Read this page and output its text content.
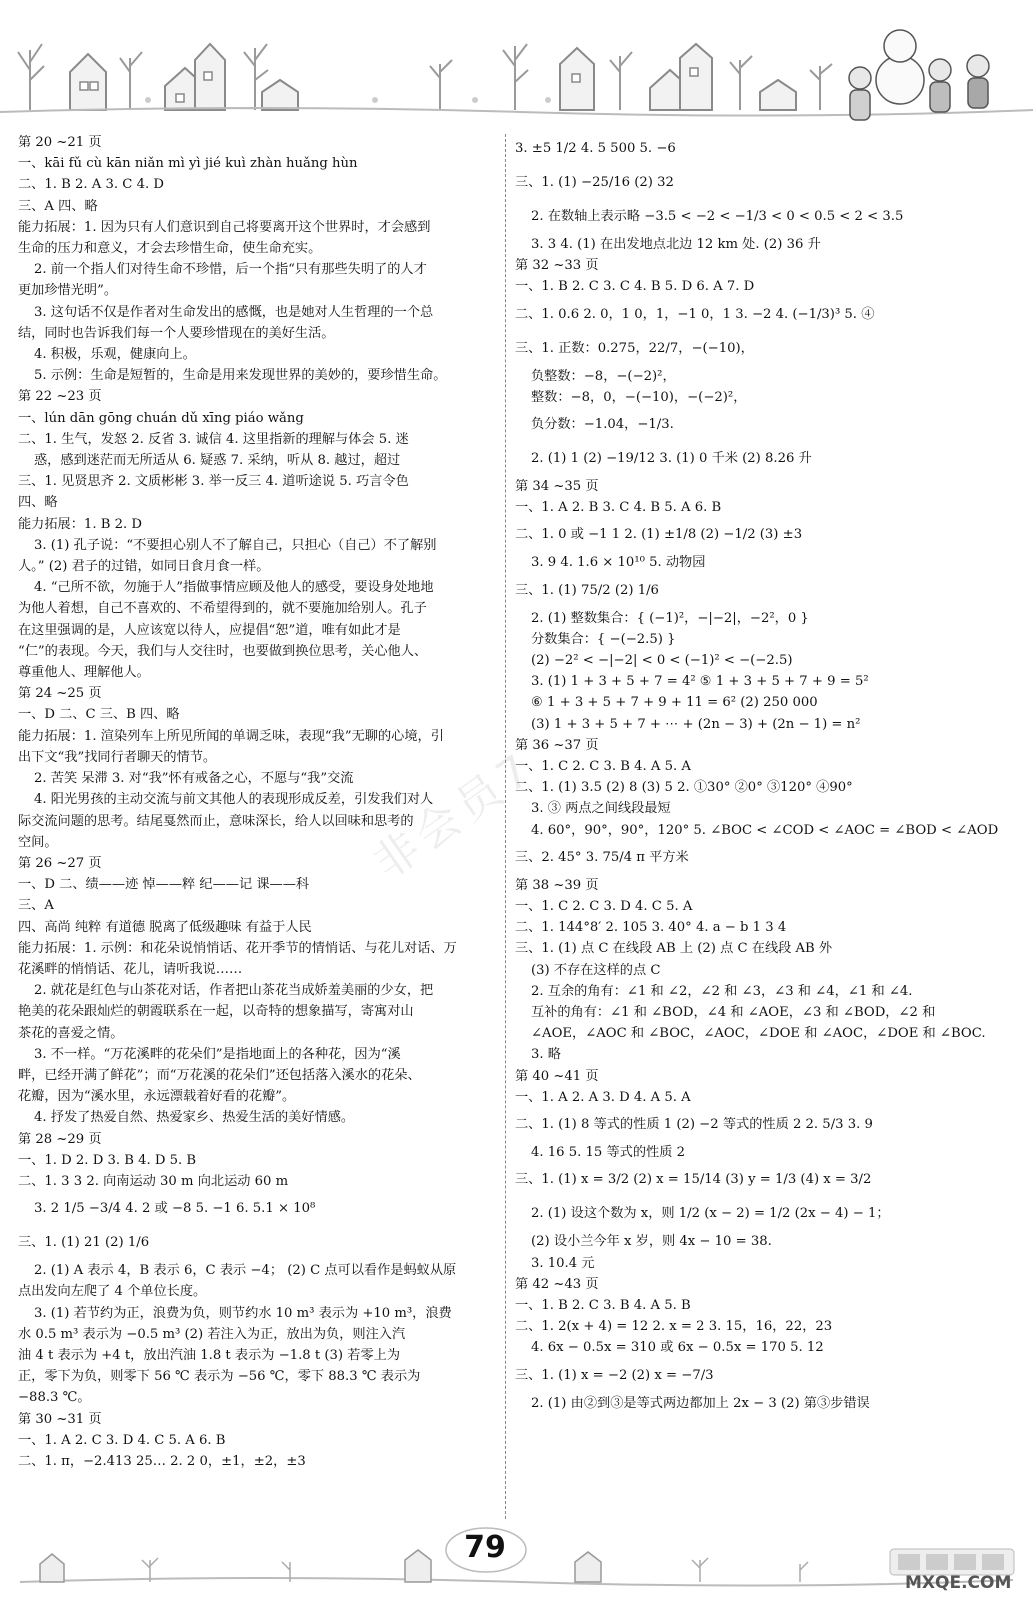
第 20 ~21 页
一、kāi fǔ cù kān niǎn mì yì jié kuì zhàn huǎng hùn
二、1. B 2. A 3. C 4. D
三、A 四、略
能力拓展：1. 因为只有人们意识到自己将要离开这个世界时，才会感到
生命的压力和意义，才会去珍惜生命，使生命充实。
2. 前一个指人们对待生命不珍惜，后一个指“只有那些失明了的人才
更加珍惜光明”。
3. 这句话不仅是作者对生命发出的感慨，也是她对人生哲理的一个总
结，同时也告诉我们每一个人要珍惜现在的美好生活。
4. 积极，乐观，健康向上。
5. 示例：生命是短暂的，生命是用来发现世界的美妙的，要珍惜生命。
第 22 ~23 页
一、lún dān gōng chuán dǔ xīng piáo wǎng
二、1. 生气，发怒 2. 反省 3. 诚信 4. 这里指新的理解与体会 5. 迷
惑，感到迷茫而无所适从 6. 疑惑 7. 采纳，听从 8. 越过，超过
三、1. 见贤思齐 2. 文质彬彬 3. 举一反三 4. 道听途说 5. 巧言令色
四、略
能力拓展：1. B 2. D
3. (1) 孔子说：“不要担心别人不了解自己，只担心（自己）不了解别
人。” (2) 君子的过错，如同日食月食一样。
4. “己所不欲，勿施于人”指做事情应顾及他人的感受，要设身处地地
为他人着想，自己不喜欢的、不希望得到的，就不要施加给别人。孔子
在这里强调的是，人应该宽以待人，应提倡“恕”道，唯有如此才是
“仁”的表现。今天，我们与人交往时，也要做到换位思考，关心他人、
尊重他人、理解他人。
第 24 ~25 页
一、D 二、C 三、B 四、略
能力拓展：1. 渲染列车上所见所闻的单调乏味，表现“我”无聊的心境，引
出下文“我”找同行者聊天的情节。
2. 苦笑 呆滞 3. 对“我”怀有戒备之心，不愿与“我”交流
4. 阳光男孩的主动交流与前文其他人的表现形成反差，引发我们对人
际交流问题的思考。结尾戛然而止，意味深长，给人以回味和思考的
空间。
第 26 ~27 页
一、D 二、绩——迹 悼——粹 纪——记 课——科
三、A
四、高尚 纯粹 有道德 脱离了低级趣味 有益于人民
能力拓展：1. 示例：和花朵说悄悄话、花开季节的情悄话、与花儿对话、万
花溪畔的悄悄话、花儿，请听我说……
2. 就花是红色与山茶花对话，作者把山茶花当成娇羞美丽的少女，把
艳美的花朵跟灿烂的朝霞联系在一起，以奇特的想象描写，寄寓对山
茶花的喜爱之情。
3. 不一样。“万花溪畔的花朵们”是指地面上的各种花，因为“溪
畔，已经开满了鲜花”；而“万花溪的花朵们”还包括落入溪水的花朵、
花瓣，因为“溪水里，永远漂载着好看的花瓣”。
4. 抒发了热爱自然、热爱家乡、热爱生活的美好情感。
第 28 ~29 页
一、1. D 2. D 3. B 4. D 5. B
二、1. 3 3 2. 向南运动 30 m 向北运动 60 m
3. 2 1/5 −3/4 4. 2 或 −8 5. −1 6. 5.1 × 10⁸
三、1. (1) 21 (2) 1/6
2. (1) A 表示 4，B 表示 6，C 表示 −4； (2) C 点可以看作是蚂蚁从原
点出发向左爬了 4 个单位长度。
3. (1) 若节约为正，浪费为负，则节约水 10 m³ 表示为 +10 m³，浪费
水 0.5 m³ 表示为 −0.5 m³ (2) 若注入为正，放出为负，则注入汽
油 4 t 表示为 +4 t，放出汽油 1.8 t 表示为 −1.8 t (3) 若零上为
正，零下为负，则零下 56 ℃ 表示为 −56 ℃，零下 88.3 ℃ 表示为
−88.3 ℃。
第 30 ~31 页
一、1. A 2. C 3. D 4. C 5. A 6. B
二、1. π，−2.413 25… 2. 2 0，±1，±2，±3
3. ±5 1/2 4. 5 500 5. −6
三、1. (1) −25/16 (2) 32
2. 在数轴上表示略 −3.5 < −2 < −1/3 < 0 < 0.5 < 2 < 3.5
3. 3 4. (1) 在出发地点北边 12 km 处. (2) 36 升
第 32 ~33 页
一、1. B 2. C 3. C 4. B 5. D 6. A 7. D
二、1. 0.6 2. 0，1 0，1，−1 0，1 3. −2 4. (−1/3)³ 5. ④
三、1. 正数：0.275，22/7，−(−10)，
负整数：−8，−(−2)²，
整数：−8，0，−(−10)，−(−2)²，
负分数：−1.04，−1/3.
2. (1) 1 (2) −19/12 3. (1) 0 千米 (2) 8.26 升
第 34 ~35 页
一、1. A 2. B 3. C 4. B 5. A 6. B
二、1. 0 或 −1 1 2. (1) ±1/8 (2) −1/2 (3) ±3
3. 9 4. 1.6 × 10¹⁰ 5. 动物园
三、1. (1) 75/2 (2) 1/6
2. (1) 整数集合：{ (−1)²，−|−2|，−2²，0 }
分数集合：{ −(−2.5) }
(2) −2² < −|−2| < 0 < (−1)² < −(−2.5)
3. (1) 1 + 3 + 5 + 7 = 4² ⑤ 1 + 3 + 5 + 7 + 9 = 5²
⑥ 1 + 3 + 5 + 7 + 9 + 11 = 6² (2) 250 000
(3) 1 + 3 + 5 + 7 + ⋯ + (2n − 3) + (2n − 1) = n²
第 36 ~37 页
一、1. C 2. C 3. B 4. A 5. A
二、1. (1) 3.5 (2) 8 (3) 5 2. ①30° ②0° ③120° ④90°
3. ③ 两点之间线段最短
4. 60°，90°，90°，120° 5. ∠BOC < ∠COD < ∠AOC = ∠BOD < ∠AOD
三、2. 45° 3. 75/4 π 平方米
第 38 ~39 页
一、1. C 2. C 3. D 4. C 5. A
二、1. 144°8′ 2. 105 3. 40° 4. a − b 1 3 4
三、1. (1) 点 C 在线段 AB 上 (2) 点 C 在线段 AB 外
(3) 不存在这样的点 C
2. 互余的角有：∠1 和 ∠2，∠2 和 ∠3，∠3 和 ∠4，∠1 和 ∠4.
互补的角有：∠1 和 ∠BOD，∠4 和 ∠AOE，∠3 和 ∠BOD，∠2 和
∠AOE，∠AOC 和 ∠BOC，∠AOC，∠DOE 和 ∠AOC，∠DOE 和 ∠BOC.
3. 略
第 40 ~41 页
一、1. A 2. A 3. D 4. A 5. A
二、1. (1) 8 等式的性质 1 (2) −2 等式的性质 2 2. 5/3 3. 9
4. 16 5. 15 等式的性质 2
三、1. (1) x = 3/2 (2) x = 15/14 (3) y = 1/3 (4) x = 3/2
2. (1) 设这个数为 x，则 1/2 (x − 2) = 1/2 (2x − 4) − 1；
(2) 设小兰今年 x 岁，则 4x − 10 = 38.
3. 10.4 元
第 42 ~43 页
一、1. B 2. C 3. B 4. A 5. B
二、1. 2(x + 4) = 12 2. x = 2 3. 15，16，22，23
4. 6x − 0.5x = 310 或 6x − 0.5x = 170 5. 12
三、1. (1) x = −2 (2) x = −7/3
2. (1) 由②到③是等式两边都加上 2x − 3 (2) 第③步错误
非会员7
79
MXQE.COM
